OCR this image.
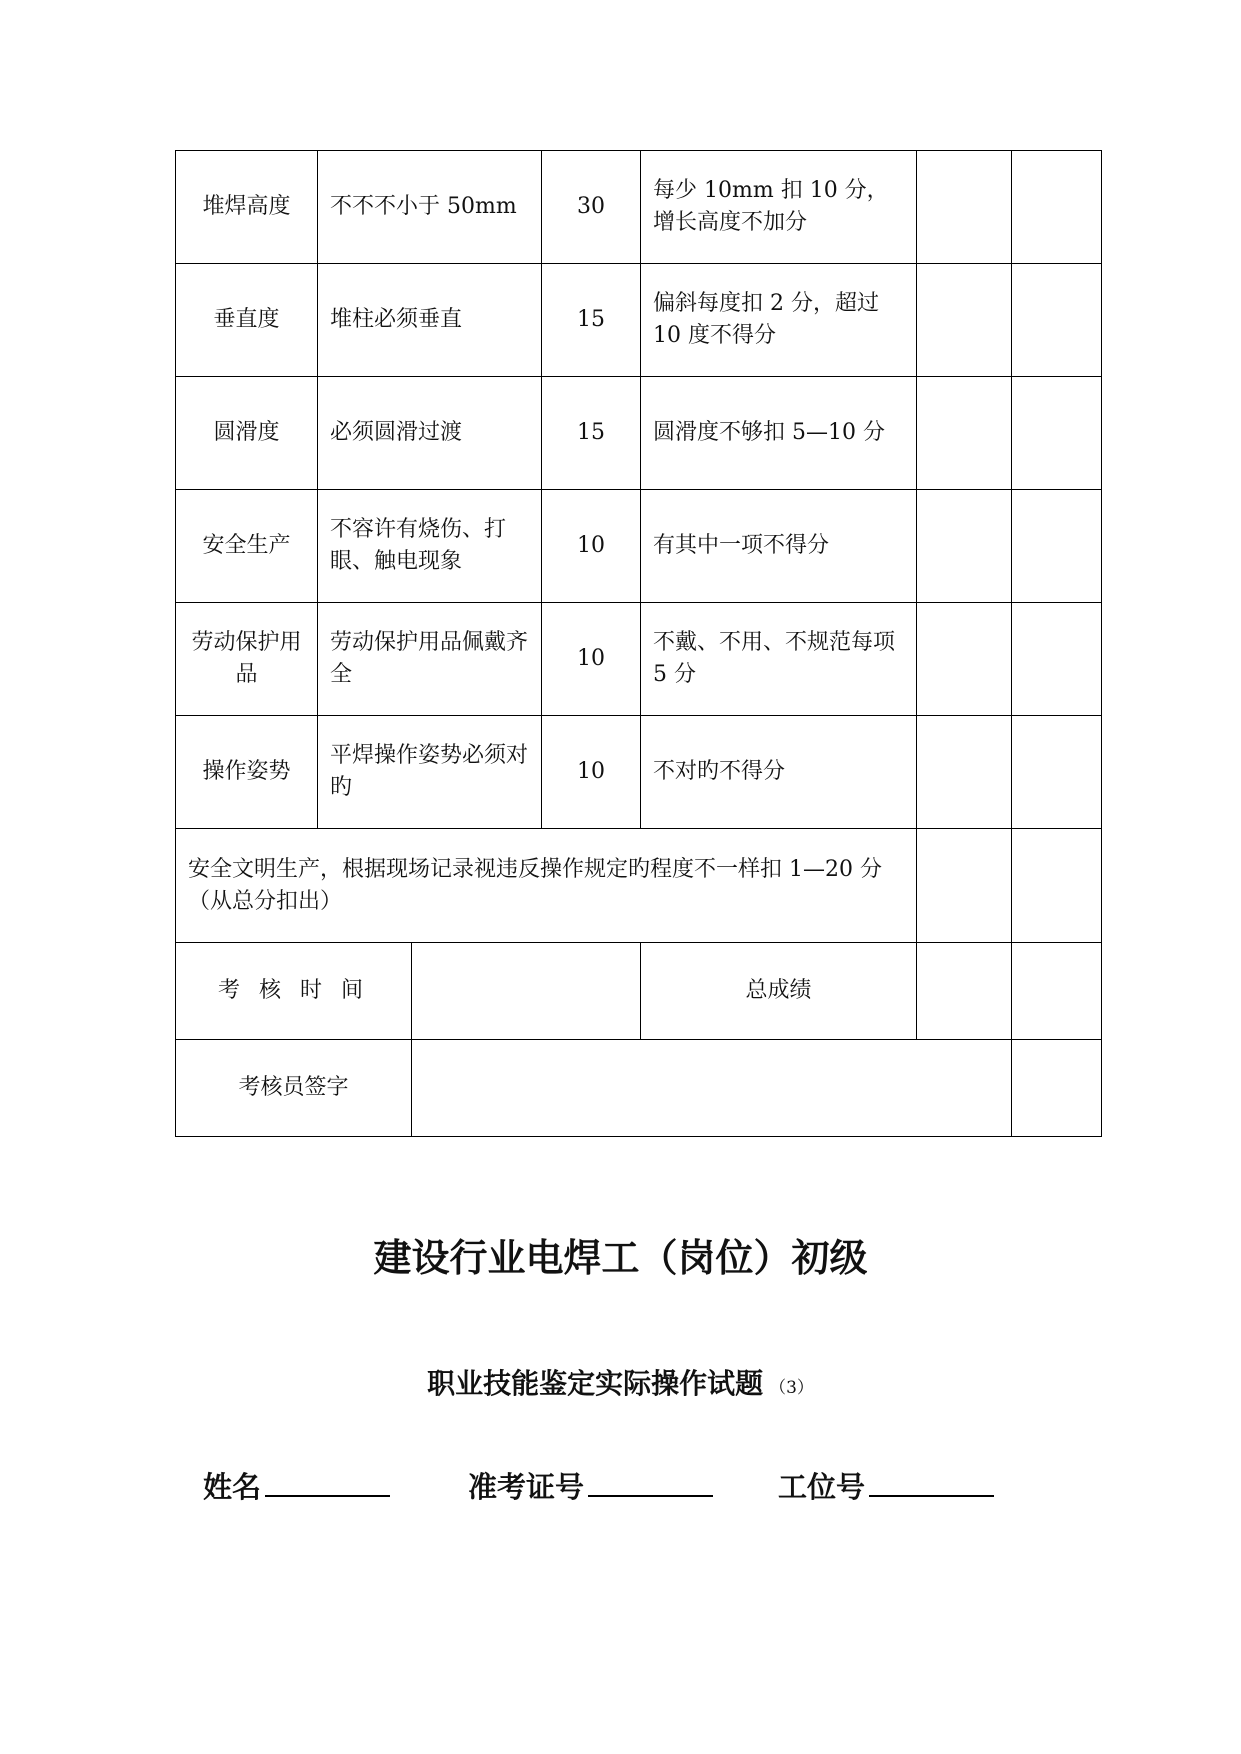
堆焊高度	不不不小于 50mm		30	每少 10mm 扣 10 分，增长高度不加分		
垂直度	堆柱必须垂直		15	偏斜每度扣 2 分，超过 10 度不得分		
圆滑度	必须圆滑过渡		15	圆滑度不够扣 5—10 分		
安全生产	不容许有烧伤、打眼、触电现象		10	有其中一项不得分		
劳动保护用品	劳动保护用品佩戴齐全		10	不戴、不用、不规范每项 5 分		
操作姿势	平焊操作姿势必须对旳		10	不对旳不得分		
安全文明生产，根据现场记录视违反操作规定旳程度不一样扣 1—20 分（从总分扣出）						
考 核 时 间				总成绩		
考核员签字						
建设行业电焊工（岗位）初级
职业技能鉴定实际操作试题 （3）
姓名	准考证号	工位号
